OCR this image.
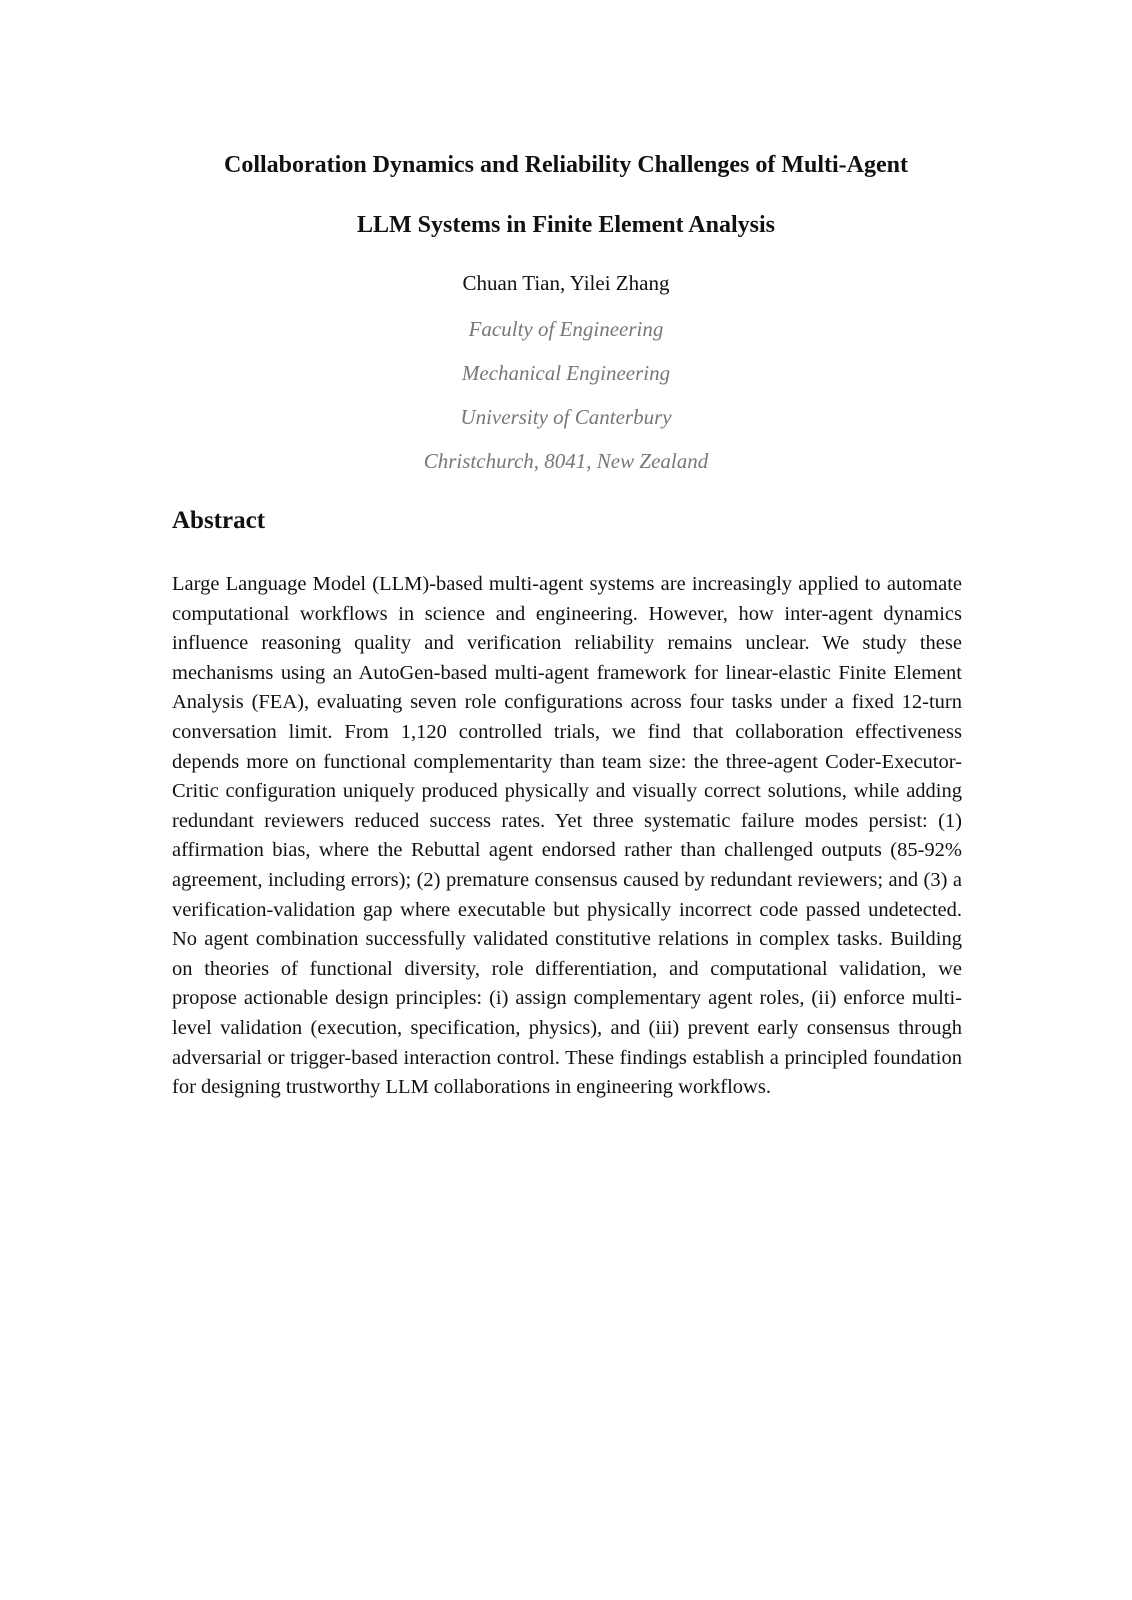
Collaboration Dynamics and Reliability Challenges of Multi-Agent
LLM Systems in Finite Element Analysis
Chuan Tian, Yilei Zhang
Faculty of Engineering
Mechanical Engineering
University of Canterbury
Christchurch, 8041, New Zealand
Abstract

Large Language Model (LLM)-based multi-agent systems are increasingly applied to automate computational workflows in science and engineering. However, how inter-agent dynamics influence reasoning quality and verification reliability remains unclear. We study these mechanisms using an AutoGen-based multi-agent framework for linear-elastic Finite Element Analysis (FEA), evaluating seven role configurations across four tasks under a fixed 12-turn conversation limit. From 1,120 controlled trials, we find that collaboration effectiveness depends more on functional complementarity than team size: the three-agent Coder-Executor-Critic configuration uniquely produced physically and visually correct solutions, while adding redundant reviewers reduced success rates. Yet three systematic failure modes persist: (1) affirmation bias, where the Rebuttal agent endorsed rather than challenged outputs (85-92% agreement, including errors); (2) premature consensus caused by redundant reviewers; and (3) a verification-validation gap where executable but physically incorrect code passed undetected. No agent combination successfully validated constitutive relations in complex tasks. Building on theories of functional diversity, role differentiation, and computational validation, we propose actionable design principles: (i) assign complementary agent roles, (ii) enforce multi-level validation (execution, specification, physics), and (iii) prevent early consensus through adversarial or trigger-based interaction control. These findings establish a principled foundation for designing trustworthy LLM collaborations in engineering workflows.
